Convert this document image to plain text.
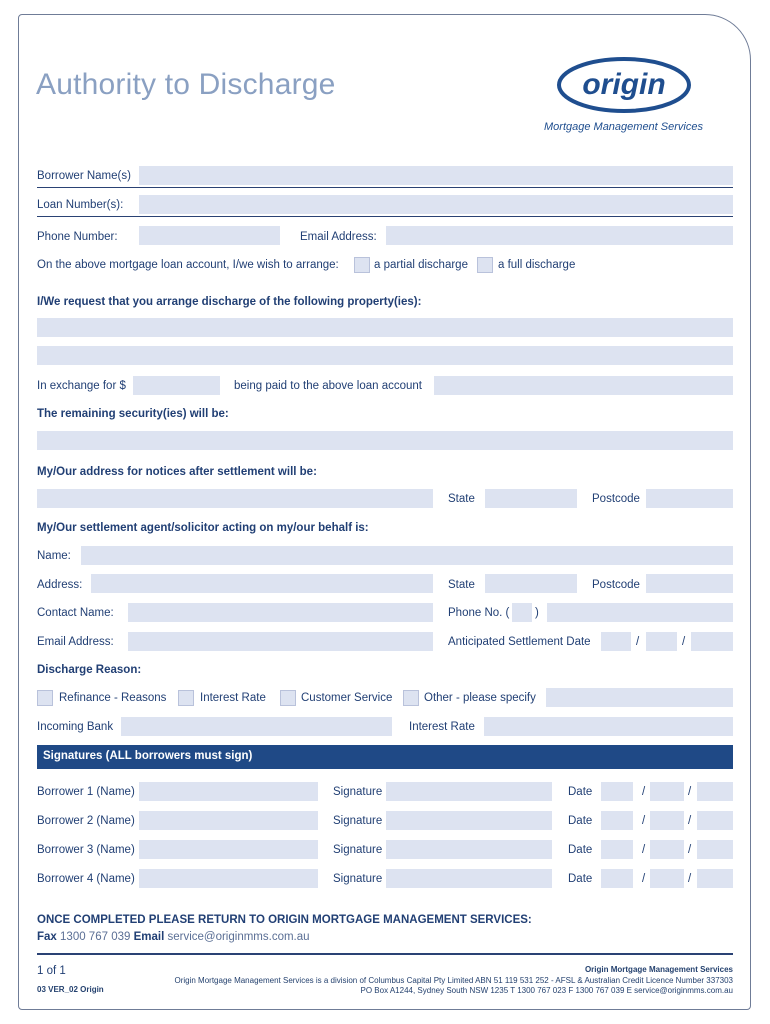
Authority to Discharge	origin
Mortgage Management Services
Borrower Name(s)
Loan Number(s):
Phone Number:	Email Address:
On the above mortgage loan account, I/we wish to arrange:	a partial discharge	a full discharge
I/We request that you arrange discharge of the following property(ies):
In exchange for $	being paid to the above loan account
The remaining security(ies) will be:
My/Our address for notices after settlement will be:
State	Postcode
My/Our settlement agent/solicitor acting on my/our behalf is:
Name:
Address:	State	Postcode
Contact Name:	Phone No. ( )
Email Address:	Anticipated Settlement Date	/	/
Discharge Reason:
Refinance - Reasons	Interest Rate	Customer Service	Other - please specify
Incoming Bank	Interest Rate
Signatures (ALL borrowers must sign)
Borrower 1 (Name)	Signature	Date	/	/
Borrower 2 (Name)	Signature	Date	/	/
Borrower 3 (Name)	Signature	Date	/	/
Borrower 4 (Name)	Signature	Date	/	/
ONCE COMPLETED PLEASE RETURN TO ORIGIN MORTGAGE MANAGEMENT SERVICES:
Fax 1300 767 039 Email service@originmms.com.au
1 of 1
03 VER_02 Origin
Origin Mortgage Management Services
Origin Mortgage Management Services is a division of Columbus Capital Pty Limited ABN 51 119 531 252 - AFSL & Australian Credit Licence Number 337303
PO Box A1244, Sydney South NSW 1235 T 1300 767 023 F 1300 767 039 E service@originmms.com.au
